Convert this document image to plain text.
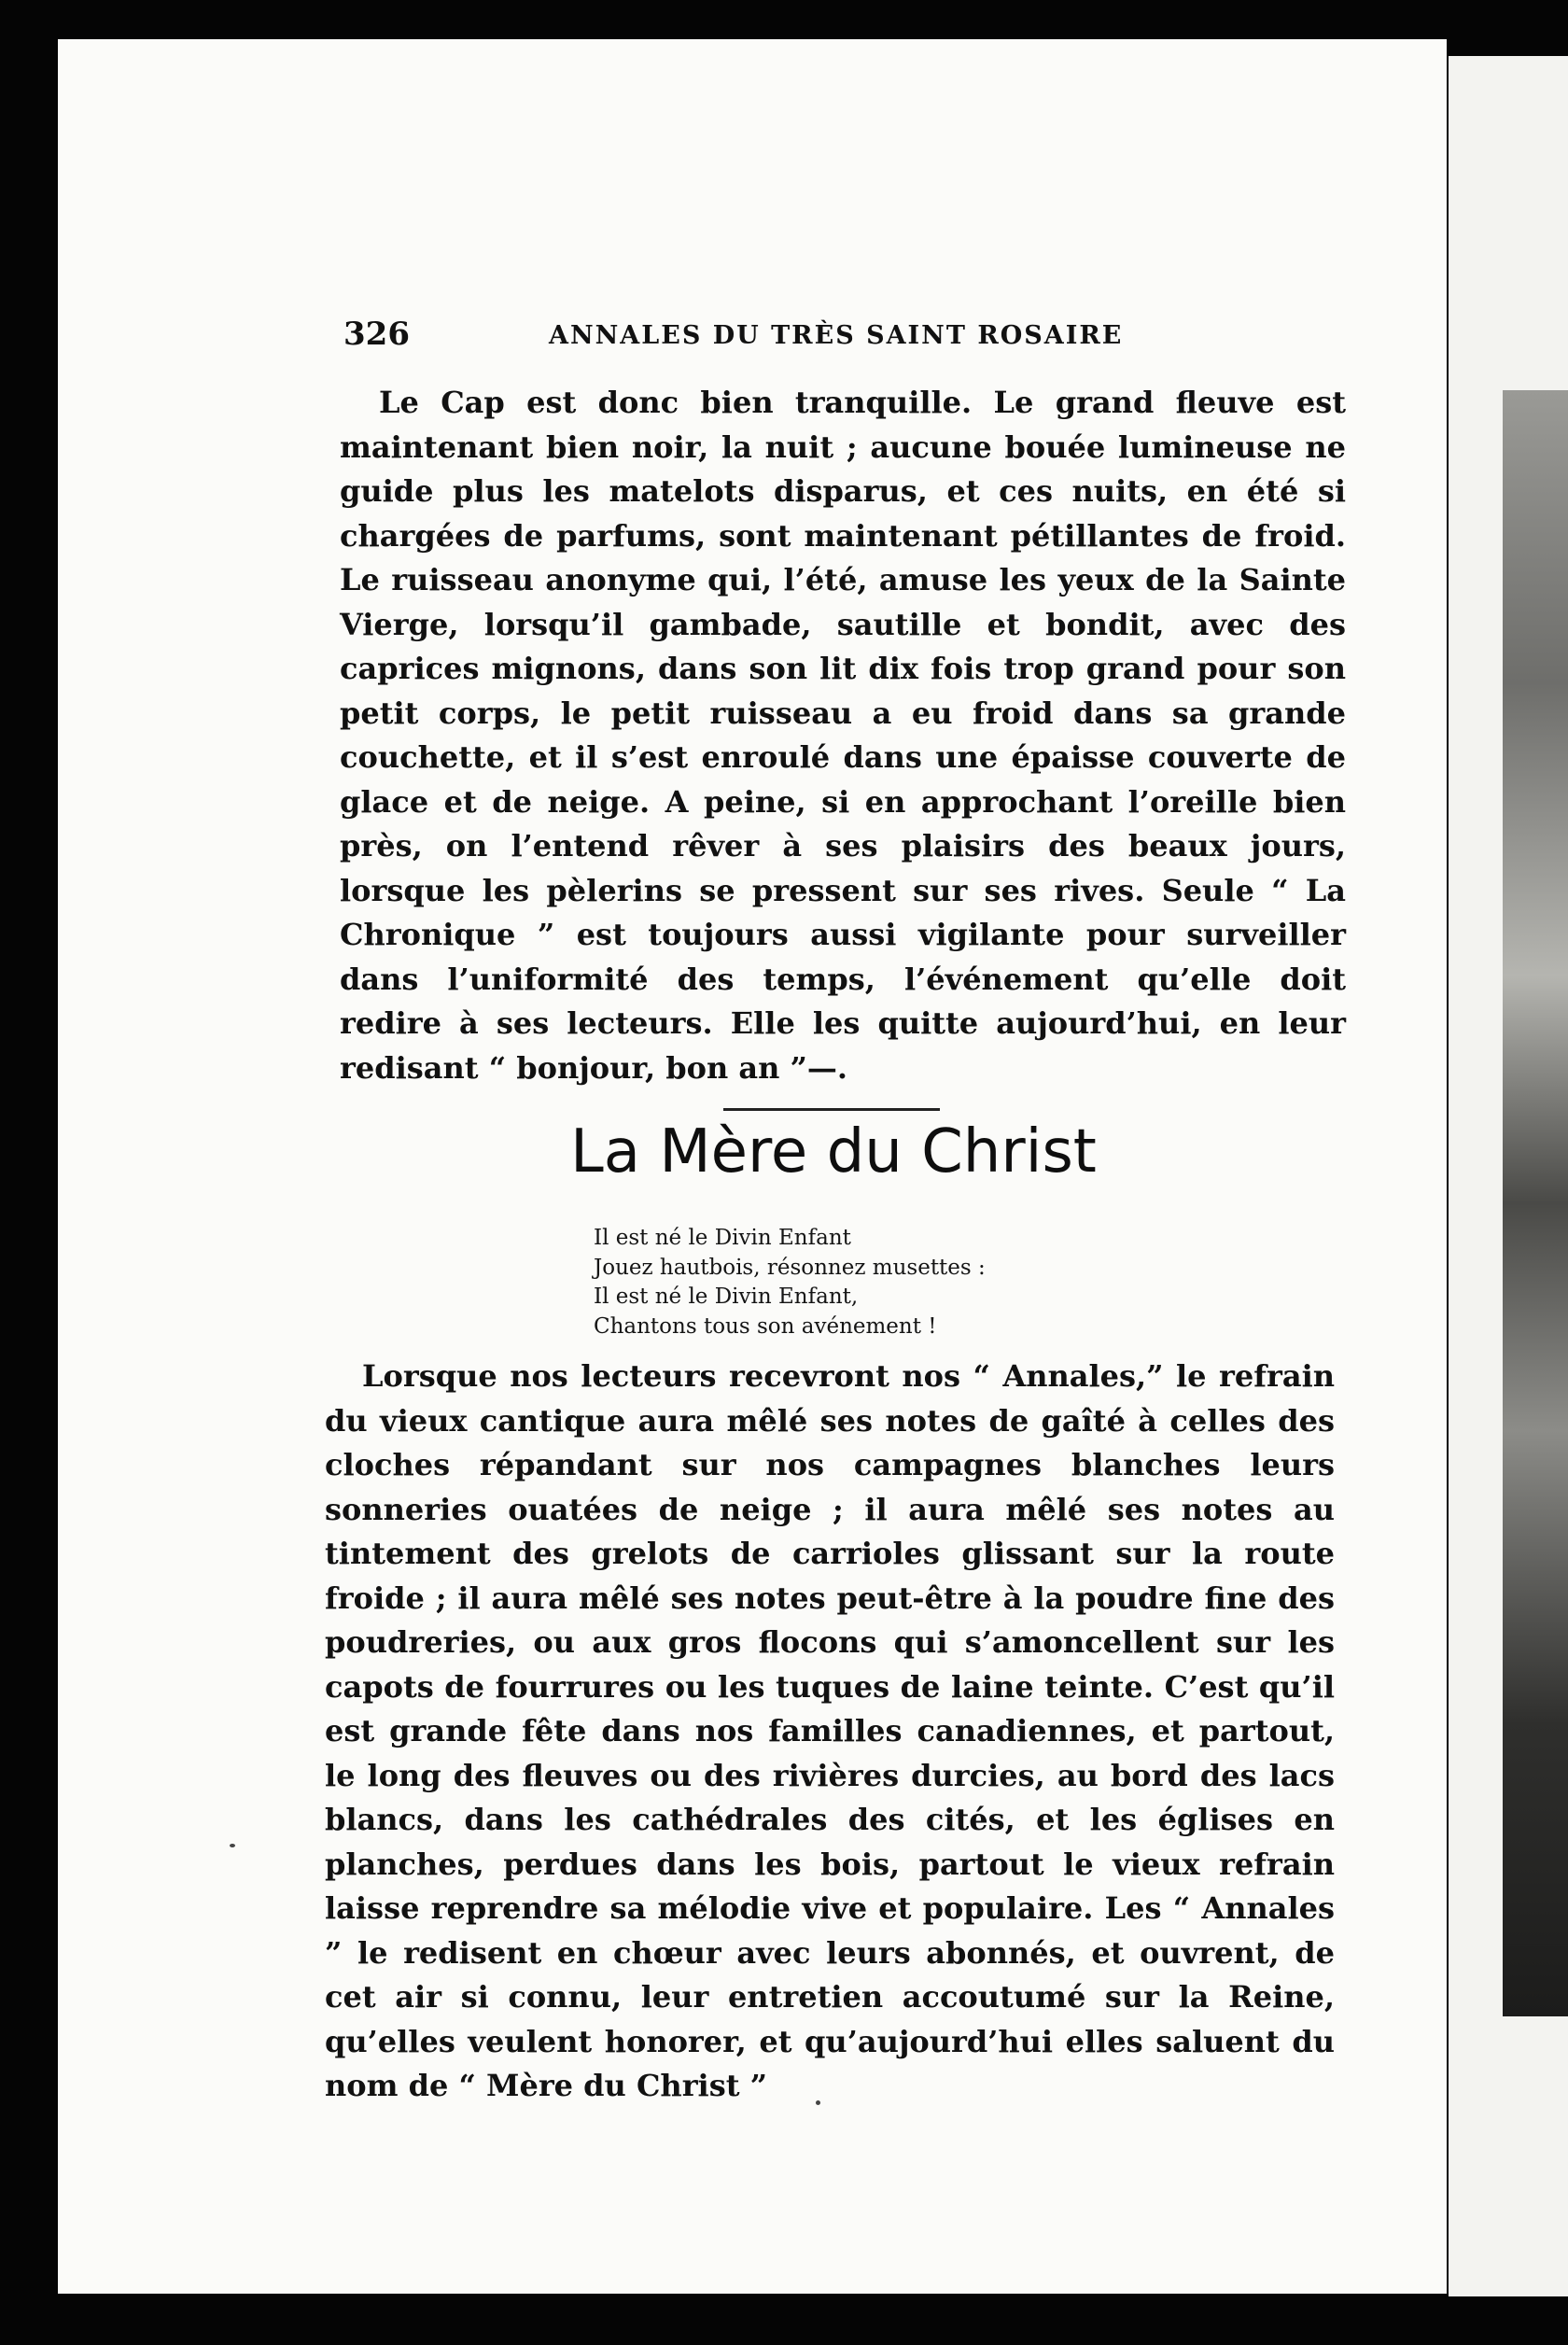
326	ANNALES DU TRÈS SAINT ROSAIRE

Le Cap est donc bien tranquille. Le grand fleuve est maintenant bien noir, la nuit ; aucune bouée lumineuse ne guide plus les matelots disparus, et ces nuits, en été si chargées de parfums, sont maintenant pétillantes de froid. Le ruisseau anonyme qui, l’été, amuse les yeux de la Sainte Vierge, lorsqu’il gambade, sautille et bondit, avec des caprices mignons, dans son lit dix fois trop grand pour son petit corps, le petit ruisseau a eu froid dans sa grande couchette, et il s’est enroulé dans une épaisse couverte de glace et de neige. A peine, si en approchant l’oreille bien près, on l’entend rêver à ses plaisirs des beaux jours, lorsque les pèlerins se pressent sur ses rives. Seule “ La Chronique ” est toujours aussi vigilante pour surveiller dans l’uniformité des temps, l’événement qu’elle doit redire à ses lecteurs. Elle les quitte aujourd’hui, en leur redisant “ bonjour, bon an ”—.

La Mère du Christ
Il est né le Divin Enfant
Jouez hautbois, résonnez musettes :
Il est né le Divin Enfant,
Chantons tous son avénement !

Lorsque nos lecteurs recevront nos “ Annales,” le refrain du vieux cantique aura mêlé ses notes de gaîté à celles des cloches répandant sur nos campagnes blanches leurs sonneries ouatées de neige ; il aura mêlé ses notes au tintement des grelots de carrioles glissant sur la route froide ; il aura mêlé ses notes peut-être à la poudre fine des poudreries, ou aux gros flocons qui s’amoncellent sur les capots de fourrures ou les tuques de laine teinte. C’est qu’il est grande fête dans nos familles canadiennes, et partout, le long des fleuves ou des rivières durcies, au bord des lacs blancs, dans les cathédrales des cités, et les églises en planches, perdues dans les bois, partout le vieux refrain laisse reprendre sa mélodie vive et populaire. Les “ Annales ” le redisent en chœur avec leurs abonnés, et ouvrent, de cet air si connu, leur entretien accoutumé sur la Reine, qu’elles veulent honorer, et qu’aujourd’hui elles saluent du nom de “ Mère du Christ ”
